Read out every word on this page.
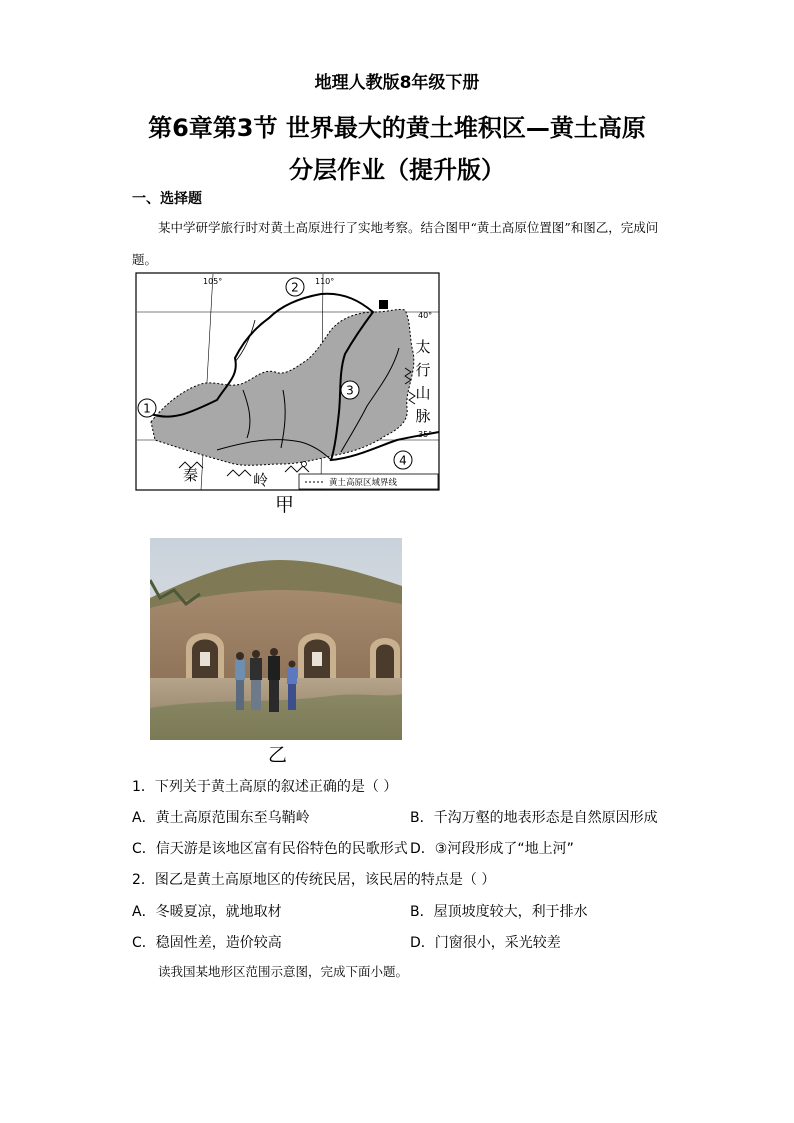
地理人教版8年级下册
第6章第3节 世界最大的黄土堆积区—黄土高原
分层作业（提升版）
一、选择题
某中学研学旅行时对黄土高原进行了实地考察。结合图甲“黄土高原位置图”和图乙，完成问题。
105°	110°
40°
35°
1
2
3
4
太
行
山
脉
秦	岭	黄土高原区域界线
甲
乙
1．下列关于黄土高原的叙述正确的是（ ）
A．黄土高原范围东至乌鞘岭	B．千沟万壑的地表形态是自然原因形成
C．信天游是该地区富有民俗特色的民歌形式 D．③河段形成了“地上河”
2．图乙是黄土高原地区的传统民居，该民居的特点是（ ）
A．冬暖夏凉，就地取材	B．屋顶坡度较大，利于排水
C．稳固性差，造价较高	D．门窗很小，采光较差
读我国某地形区范围示意图，完成下面小题。
